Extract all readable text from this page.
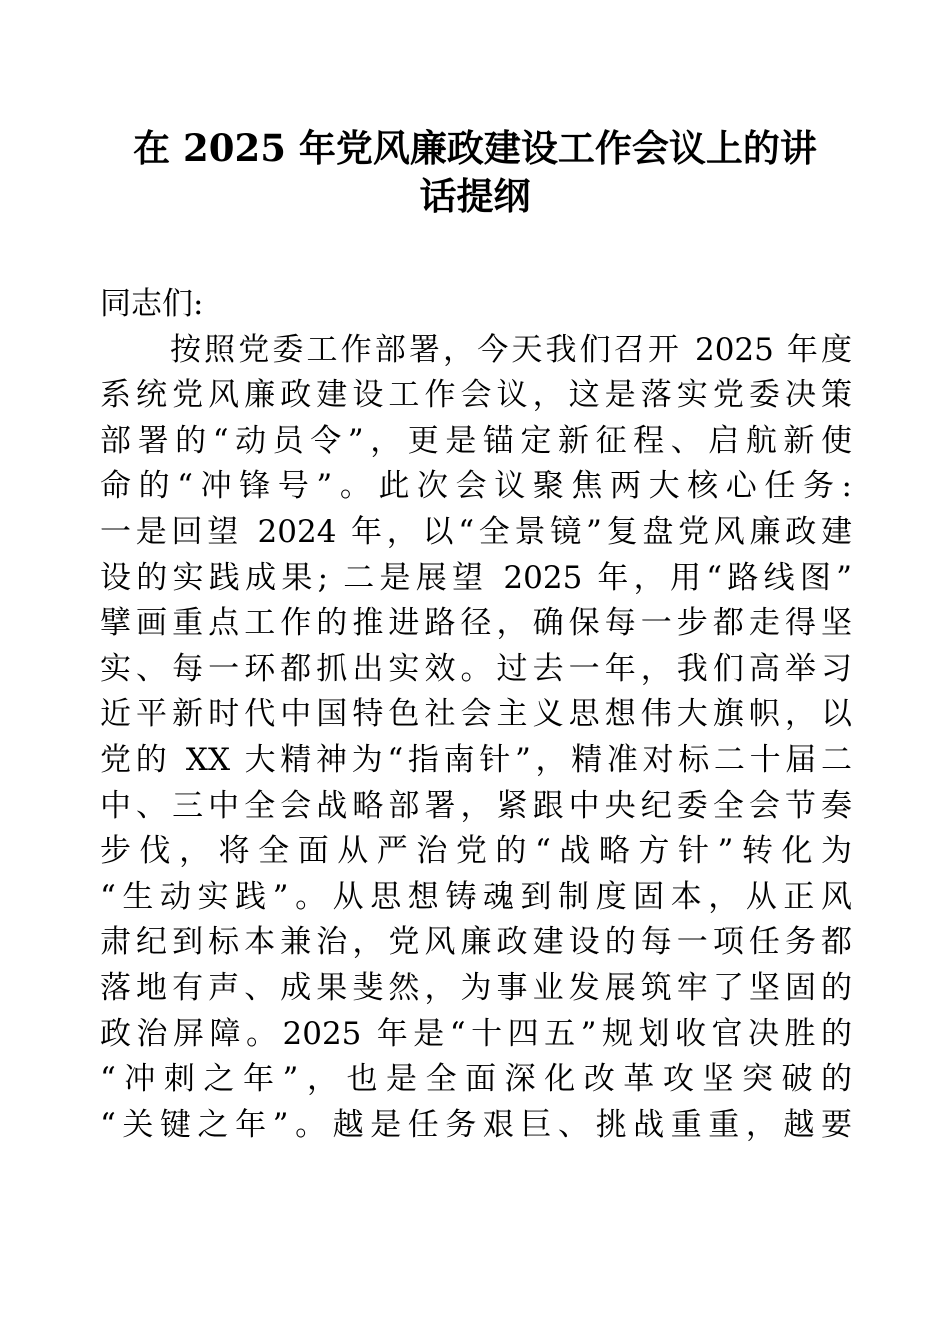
在 2025 年党风廉政建设工作会议上的讲
话提纲
同志们:
按照党委工作部署，今天我们召开 2025 年度
系统党风廉政建设工作会议，这是落实党委决策
部署的“动员令”，更是锚定新征程、启航新使
命的“冲锋号”。此次会议聚焦两大核心任务:
一是回望 2024 年，以“全景镜”复盘党风廉政建
设的实践成果; 二是展望 2025 年，用“路线图”
擘画重点工作的推进路径，确保每一步都走得坚
实、每一环都抓出实效。过去一年，我们高举习
近平新时代中国特色社会主义思想伟大旗帜，以
党的 XX 大精神为“指南针”，精准对标二十届二
中、三中全会战略部署，紧跟中央纪委全会节奏
步伐，将全面从严治党的“战略方针”转化为
“生动实践”。从思想铸魂到制度固本，从正风
肃纪到标本兼治，党风廉政建设的每一项任务都
落地有声、成果斐然，为事业发展筑牢了坚固的
政治屏障。2025 年是“十四五”规划收官决胜的
“冲刺之年”，也是全面深化改革攻坚突破的
“关键之年”。越是任务艰巨、挑战重重，越要
